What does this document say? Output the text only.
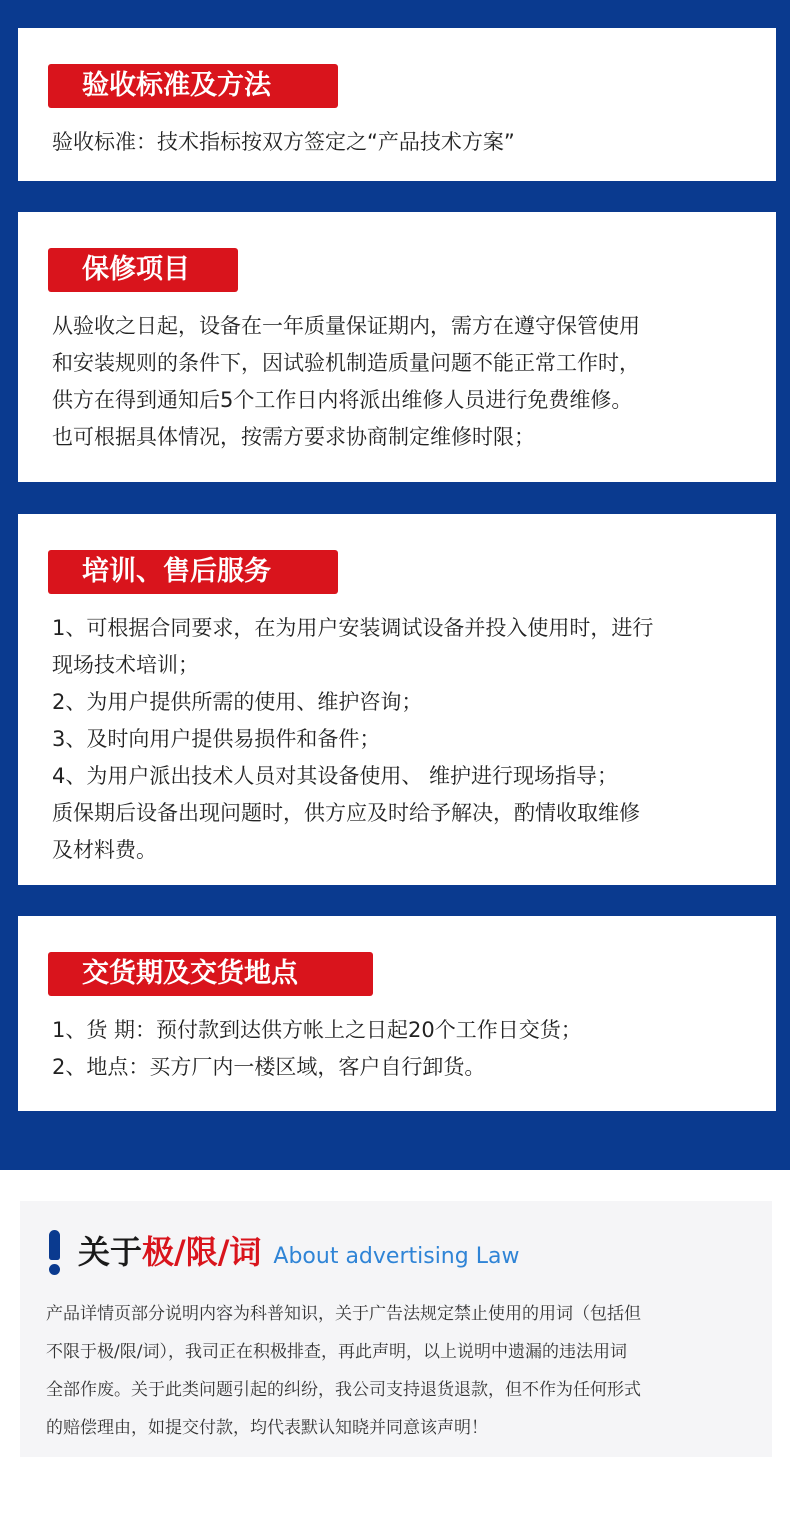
验收标准及方法

验收标准：技术指标按双方签定之“产品技术方案”

保修项目

从验收之日起，设备在一年质量保证期内，需方在遵守保管使用

和安装规则的条件下，因试验机制造质量问题不能正常工作时，

供方在得到通知后5个工作日内将派出维修人员进行免费维修。

也可根据具体情况，按需方要求协商制定维修时限；

培训、售后服务

1、可根据合同要求，在为用户安装调试设备并投入使用时，进行

现场技术培训；

2、为用户提供所需的使用、维护咨询；

3、及时向用户提供易损件和备件；

4、为用户派出技术人员对其设备使用、 维护进行现场指导；

质保期后设备出现问题时，供方应及时给予解决，酌情收取维修

及材料费。

交货期及交货地点

1、货 期：预付款到达供方帐上之日起20个工作日交货；

2、地点：买方厂内一楼区域，客户自行卸货。

关于极/限/词 About advertising Law

产品详情页部分说明内容为科普知识，关于广告法规定禁止使用的用词（包括但

不限于极/限/词），我司正在积极排查，再此声明，以上说明中遗漏的违法用词

全部作废。关于此类问题引起的纠纷，我公司支持退货退款，但不作为任何形式

的赔偿理由，如提交付款，均代表默认知晓并同意该声明！
